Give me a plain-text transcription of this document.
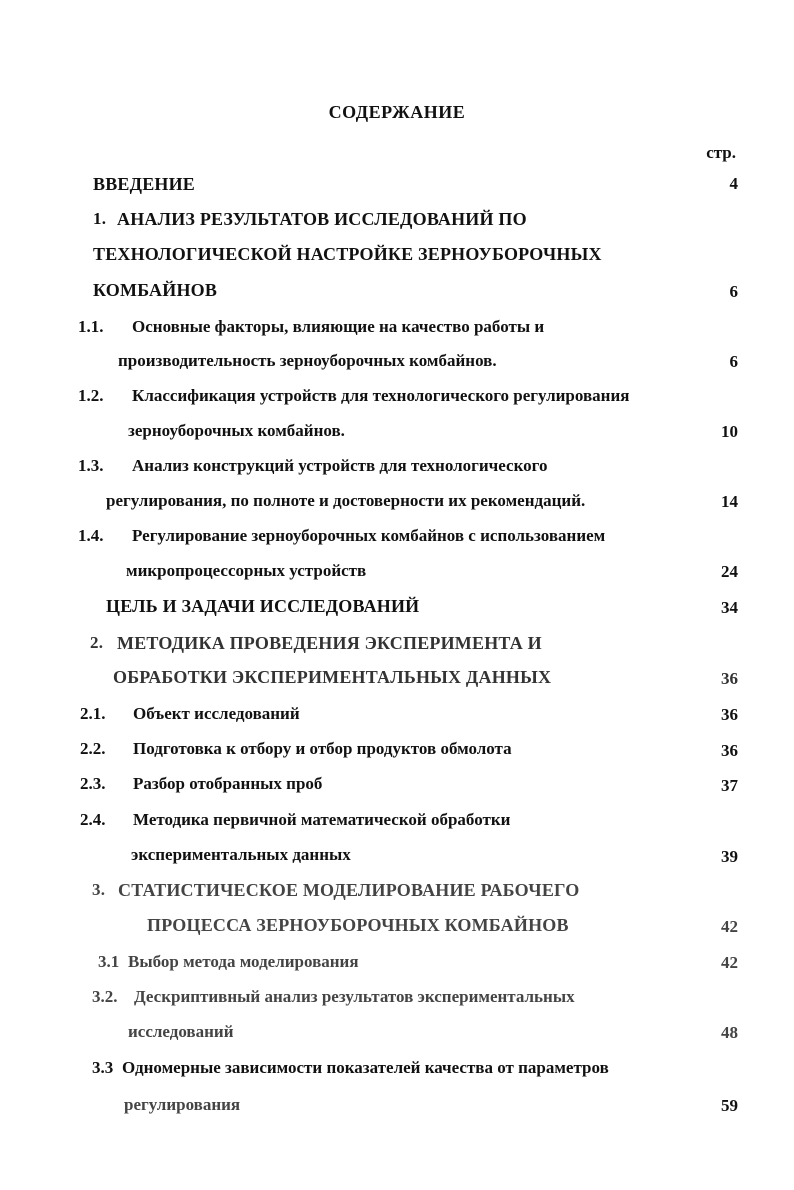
СОДЕРЖАНИЕ
стр.
ВВЕДЕНИЕ	4
1. АНАЛИЗ РЕЗУЛЬТАТОВ ИССЛЕДОВАНИЙ ПО
ТЕХНОЛОГИЧЕСКОЙ НАСТРОЙКЕ ЗЕРНОУБОРОЧНЫХ
КОМБАЙНОВ	6
1.1. Основные факторы, влияющие на качество работы и
производительность зерноуборочных комбайнов.	6
1.2. Классификация устройств для технологического регулирования
зерноуборочных комбайнов.	10
1.3. Анализ конструкций устройств для технологического
регулирования, по полноте и достоверности их рекомендаций.	14
1.4. Регулирование зерноуборочных комбайнов с использованием
микропроцессорных устройств	24
ЦЕЛЬ И ЗАДАЧИ ИССЛЕДОВАНИЙ	34
2. МЕТОДИКА ПРОВЕДЕНИЯ ЭКСПЕРИМЕНТА И
ОБРАБОТКИ ЭКСПЕРИМЕНТАЛЬНЫХ ДАННЫХ	36
2.1. Объект исследований	36
2.2. Подготовка к отбору и отбор продуктов обмолота	36
2.3. Разбор отобранных проб	37
2.4. Методика первичной математической обработки
экспериментальных данных	39
3. СТАТИСТИЧЕСКОЕ МОДЕЛИРОВАНИЕ РАБОЧЕГО
ПРОЦЕССА ЗЕРНОУБОРОЧНЫХ КОМБАЙНОВ	42
3.1 Выбор метода моделирования	42
3.2. Дескриптивный анализ результатов экспериментальных
исследований	48
3.3 Одномерные зависимости показателей качества от параметров
регулирования	59
